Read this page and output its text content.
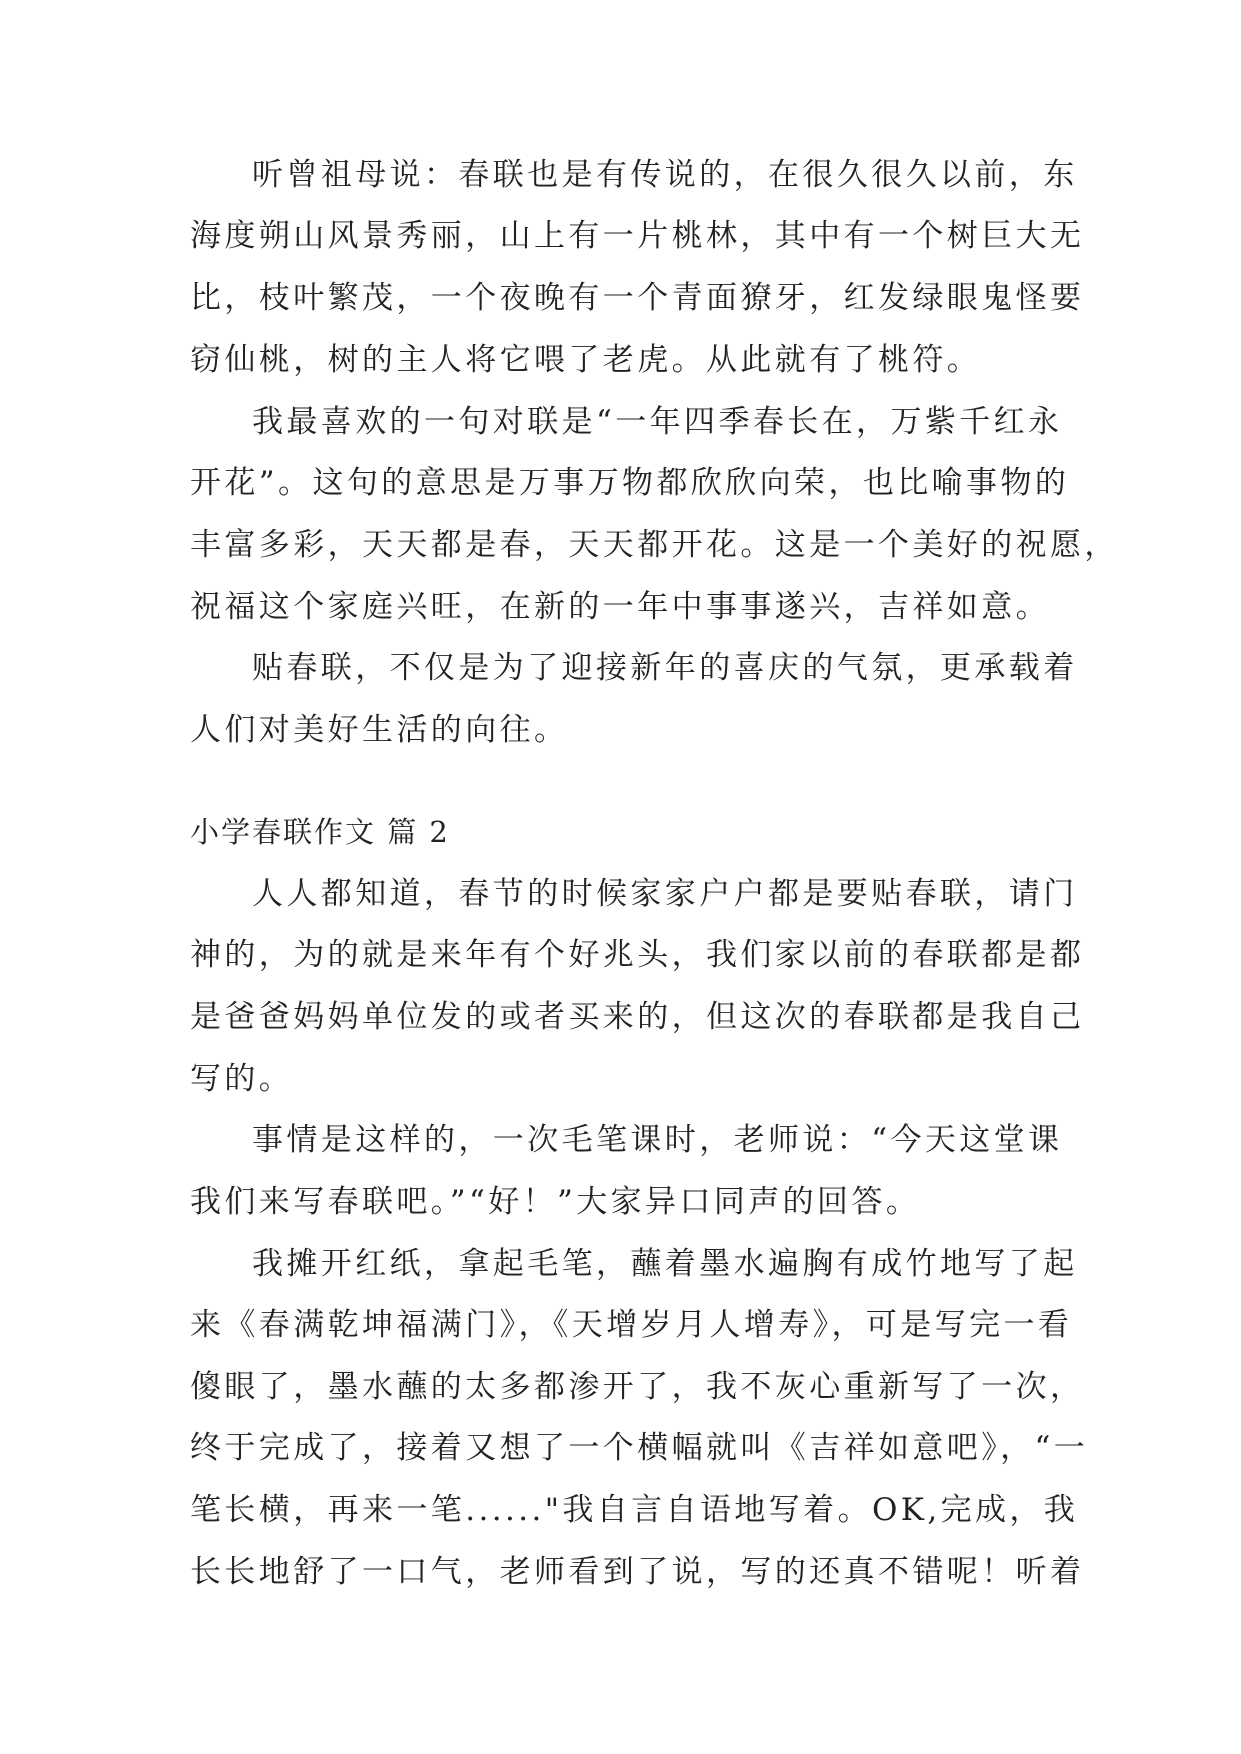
听曾祖母说：春联也是有传说的，在很久很久以前，东
海度朔山风景秀丽，山上有一片桃林，其中有一个树巨大无
比，枝叶繁茂，一个夜晚有一个青面獠牙，红发绿眼鬼怪要
窃仙桃，树的主人将它喂了老虎。从此就有了桃符。
我最喜欢的一句对联是“一年四季春长在，万紫千红永
开花”。这句的意思是万事万物都欣欣向荣，也比喻事物的
丰富多彩，天天都是春，天天都开花。这是一个美好的祝愿，
祝福这个家庭兴旺，在新的一年中事事遂兴，吉祥如意。
贴春联，不仅是为了迎接新年的喜庆的气氛，更承载着
人们对美好生活的向往。
小学春联作文 篇 2
人人都知道，春节的时候家家户户都是要贴春联，请门
神的，为的就是来年有个好兆头，我们家以前的春联都是都
是爸爸妈妈单位发的或者买来的，但这次的春联都是我自己
写的。
事情是这样的，一次毛笔课时，老师说：“今天这堂课
我们来写春联吧。”“好！”大家异口同声的回答。
我摊开红纸，拿起毛笔，蘸着墨水遍胸有成竹地写了起
来《春满乾坤福满门》，《天增岁月人增寿》，可是写完一看
傻眼了，墨水蘸的太多都渗开了，我不灰心重新写了一次，
终于完成了，接着又想了一个横幅就叫《吉祥如意吧》，“一
笔长横，再来一笔......"我自言自语地写着。OK,完成，我
长长地舒了一口气，老师看到了说，写的还真不错呢！听着
